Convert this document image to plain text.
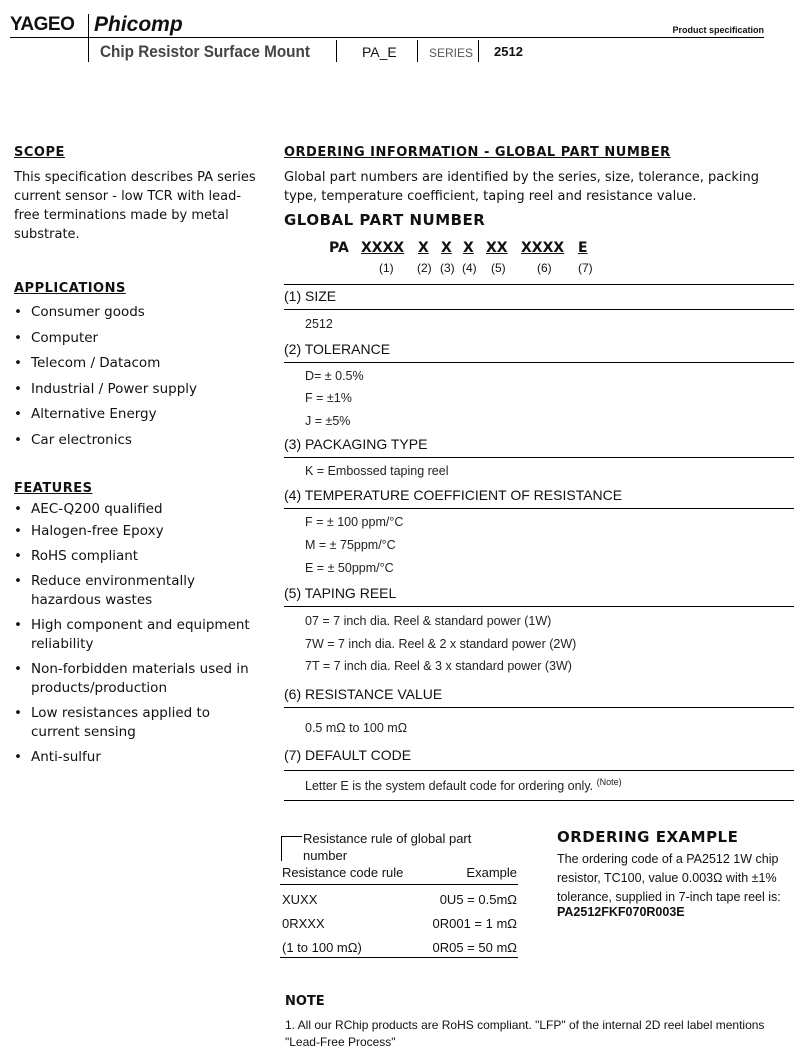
YAGEO Phicomp	Product specification
Chip Resistor Surface Mount	PA_E	SERIES 2512
SCOPE
This specification describes PA series current sensor - low TCR with lead-free terminations made by metal substrate.
APPLICATIONS
• Consumer goods
• Computer
• Telecom / Datacom
• Industrial / Power supply
• Alternative Energy
• Car electronics
FEATURES
• AEC-Q200 qualified
• Halogen-free Epoxy
• RoHS compliant
• Reduce environmentally hazardous wastes
• High component and equipment reliability
• Non-forbidden materials used in products/production
• Low resistances applied to current sensing
• Anti-sulfur
ORDERING INFORMATION - GLOBAL PART NUMBER
Global part numbers are identified by the series, size, tolerance, packing type, temperature coefficient, taping reel and resistance value.
GLOBAL PART NUMBER
PA XXXX X X X XX XXXX E
(1) (2) (3) (4) (5)	(6) (7)
(1) SIZE
2512
(2) TOLERANCE
D= ± 0.5%
F = ±1%
J = ±5%
(3) PACKAGING TYPE
K = Embossed taping reel
(4) TEMPERATURE COEFFICIENT OF RESISTANCE
F = ± 100 ppm/°C
M = ± 75ppm/°C
E = ± 50ppm/°C
(5) TAPING REEL
07 = 7 inch dia. Reel & standard power (1W)
7W = 7 inch dia. Reel & 2 x standard power (2W)
7T = 7 inch dia. Reel & 3 x standard power (3W)
(6) RESISTANCE VALUE
0.5 mΩ to 100 mΩ
(7) DEFAULT CODE
Letter E is the system default code for ordering only. $^{(Note)}$
Resistance rule of global part number
Resistance code rule	Example
XUXX	0U5 = 0.5mΩ
0RXXX	0R001 = 1 mΩ
(1 to 100 mΩ)	0R05 = 50 mΩ
ORDERING EXAMPLE
The ordering code of a PA2512 1W chip resistor, TC100, value 0.003Ω with ±1% tolerance, supplied in 7-inch tape reel is:

PA2512FKF070R003E
NOTE
1. All our RChip products are RoHS compliant. "LFP" of the internal 2D reel label mentions "Lead-Free Process"
